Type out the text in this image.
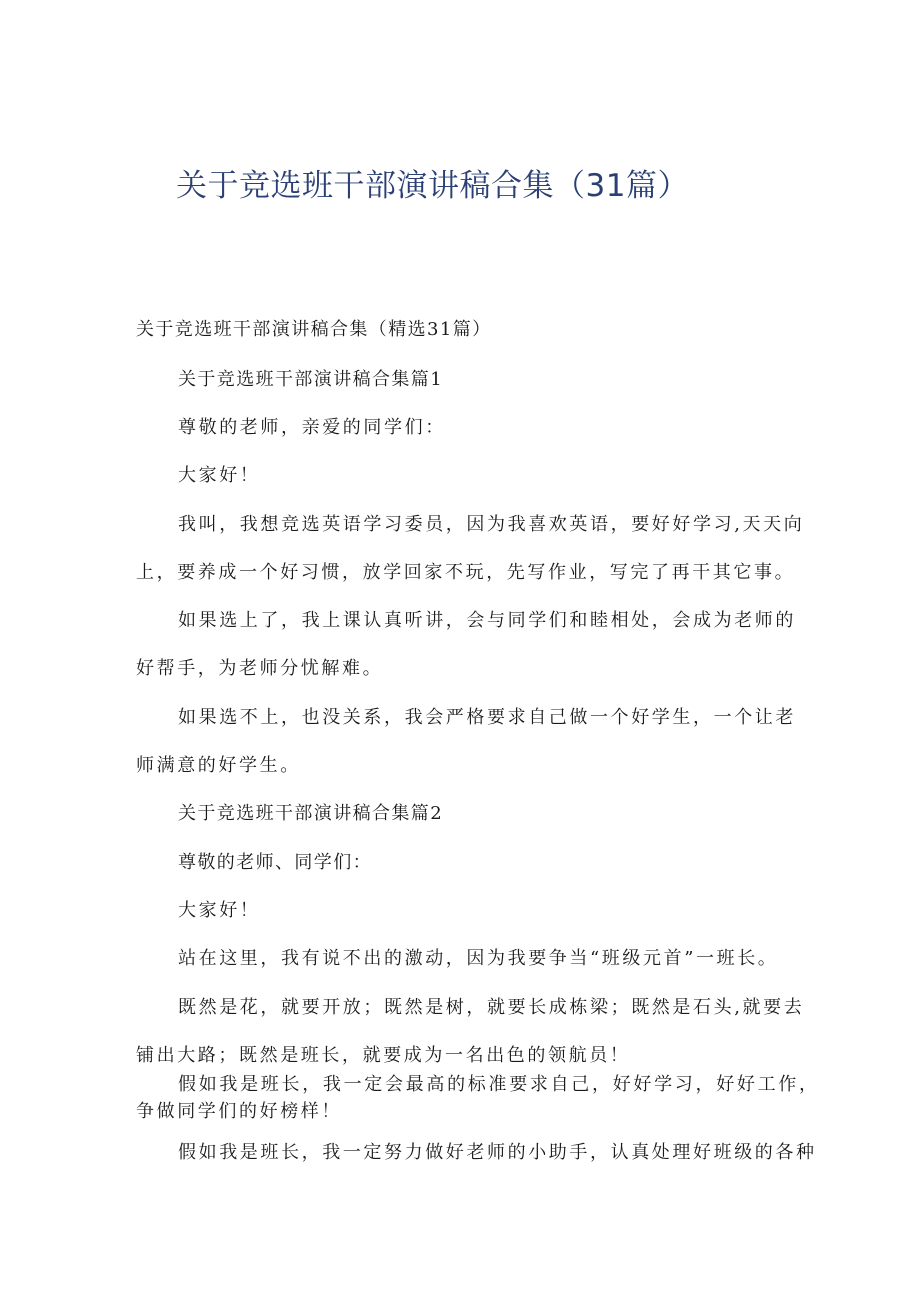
关于竞选班干部演讲稿合集（31篇）
关于竞选班干部演讲稿合集（精选31篇）
关于竞选班干部演讲稿合集篇1
尊敬的老师，亲爱的同学们：
大家好！
我叫，我想竞选英语学习委员，因为我喜欢英语，要好好学习,天天向
上，要养成一个好习惯，放学回家不玩，先写作业，写完了再干其它事。
如果选上了，我上课认真听讲，会与同学们和睦相处，会成为老师的
好帮手，为老师分忧解难。
如果选不上，也没关系，我会严格要求自己做一个好学生，一个让老
师满意的好学生。
关于竞选班干部演讲稿合集篇2
尊敬的老师、同学们：
大家好！
站在这里，我有说不出的激动，因为我要争当“班级元首”一班长。
既然是花，就要开放；既然是树，就要长成栋梁；既然是石头,就要去
铺出大路；既然是班长，就要成为一名出色的领航员！
假如我是班长，我一定会最高的标准要求自己，好好学习，好好工作，
争做同学们的好榜样！
假如我是班长，我一定努力做好老师的小助手，认真处理好班级的各种
